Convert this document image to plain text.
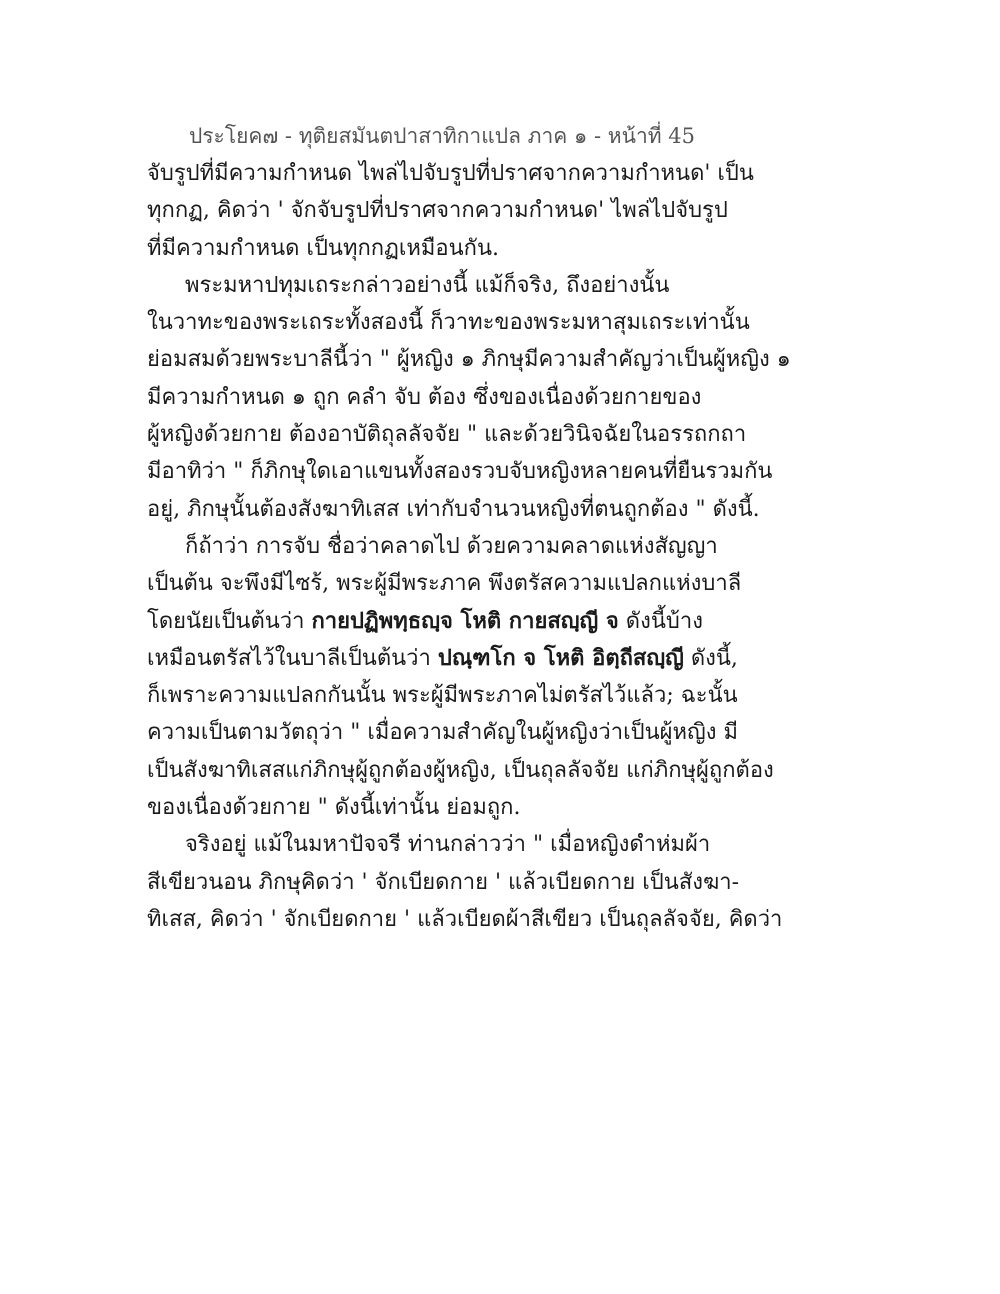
ประโยค๗ - ทุติยสมันตปาสาทิกาแปล ภาค ๑ - หน้าที่ 45
จับรูปที่มีความกำหนด ไพล่ไปจับรูปที่ปราศจากความกำหนด' เป็น
ทุกกฏ, คิดว่า ' จักจับรูปที่ปราศจากความกำหนด' ไพล่ไปจับรูป
ที่มีความกำหนด เป็นทุกกฏเหมือนกัน.
พระมหาปทุมเถระกล่าวอย่างนี้ แม้ก็จริง, ถึงอย่างนั้น
ในวาทะของพระเถระทั้งสองนี้ ก็วาทะของพระมหาสุมเถระเท่านั้น
ย่อมสมด้วยพระบาลีนี้ว่า " ผู้หญิง ๑ ภิกษุมีความสำคัญว่าเป็นผู้หญิง ๑
มีความกำหนด ๑ ถูก คลำ จับ ต้อง ซึ่งของเนื่องด้วยกายของ
ผู้หญิงด้วยกาย ต้องอาบัติถุลลัจจัย " และด้วยวินิจฉัยในอรรถกถา
มีอาทิว่า " ก็ภิกษุใดเอาแขนทั้งสองรวบจับหญิงหลายคนที่ยืนรวมกัน
อยู่, ภิกษุนั้นต้องสังฆาทิเสส เท่ากับจำนวนหญิงที่ตนถูกต้อง " ดังนี้.
ก็ถ้าว่า การจับ ชื่อว่าคลาดไป ด้วยความคลาดแห่งสัญญา
เป็นต้น จะพึงมีไซร้, พระผู้มีพระภาค พึงตรัสความแปลกแห่งบาลี
โดยนัยเป็นต้นว่า กายปฏิพทฺธญฺจ โหติ กายสญฺญี จ ดังนี้บ้าง
เหมือนตรัสไว้ในบาลีเป็นต้นว่า ปณฺฑโก จ โหติ อิตฺถีสญฺญี ดังนี้,
ก็เพราะความแปลกกันนั้น พระผู้มีพระภาคไม่ตรัสไว้แล้ว; ฉะนั้น
ความเป็นตามวัตถุว่า " เมื่อความสำคัญในผู้หญิงว่าเป็นผู้หญิง มี
เป็นสังฆาทิเสสแก่ภิกษุผู้ถูกต้องผู้หญิง, เป็นถุลลัจจัย แก่ภิกษุผู้ถูกต้อง
ของเนื่องด้วยกาย " ดังนี้เท่านั้น ย่อมถูก.
จริงอยู่ แม้ในมหาปัจจรี ท่านกล่าวว่า " เมื่อหญิงดำห่มผ้า
สีเขียวนอน ภิกษุคิดว่า ' จักเบียดกาย ' แล้วเบียดกาย เป็นสังฆา-
ทิเสส, คิดว่า ' จักเบียดกาย ' แล้วเบียดผ้าสีเขียว เป็นถุลลัจจัย, คิดว่า
